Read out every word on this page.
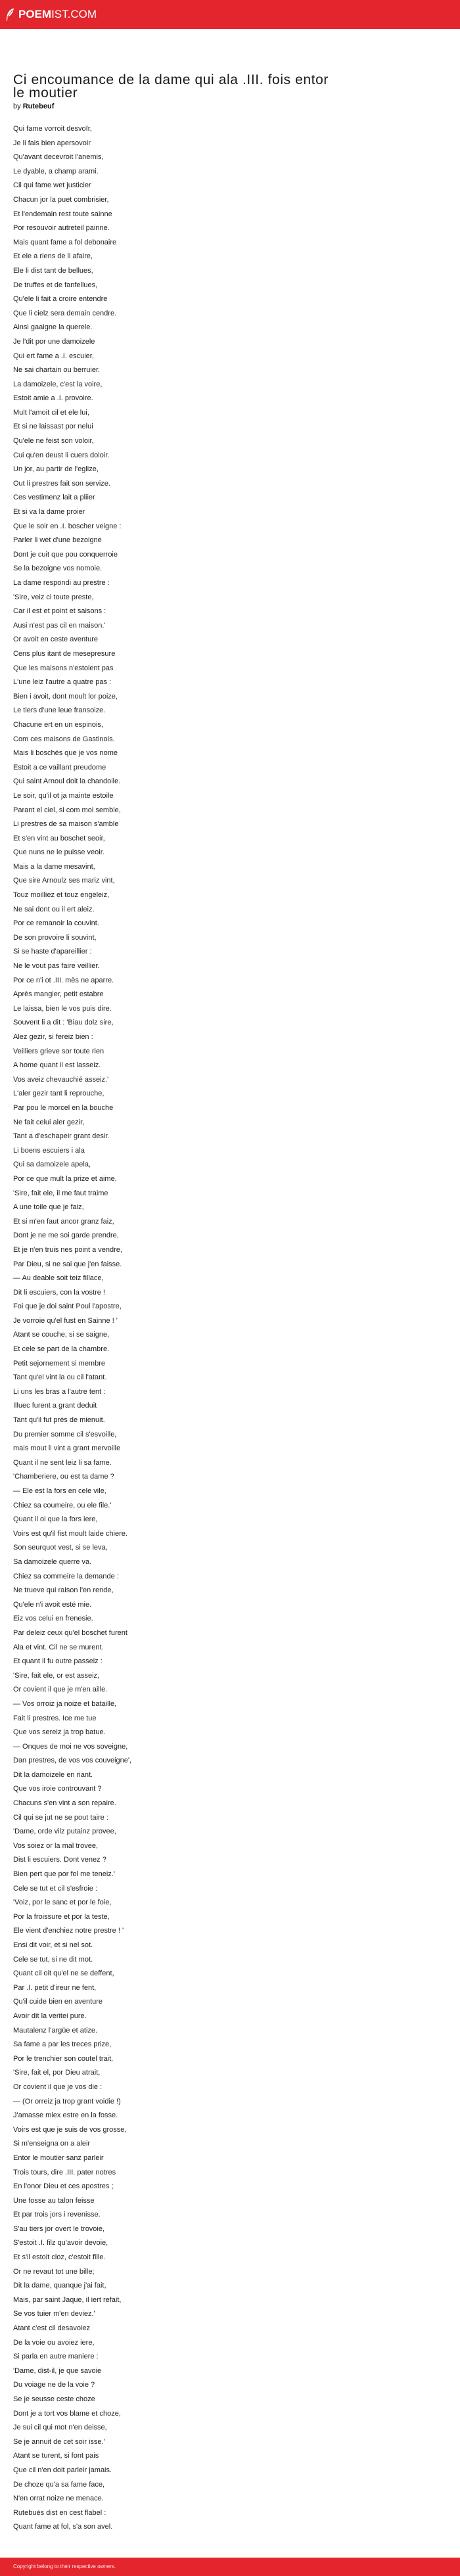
POEMIST.COM
Ci encoumance de la dame qui ala .III. fois entor le moutier
by Rutebeuf
Qui fame vorroit desvoïr,
Je li fais bien apersovoir
Qu'avant decevroit l'anemis,
Le dyable, a champ arami.
Cil qui fame wet justicier
Chacun jor la puet combrisier,
Et l'endemain rest toute sainne
Por resouvoir autreteil painne.
Mais quant fame a fol debonaire
Et ele a riens de li afaire,
Ele li dist tant de bellues,
De truffes et de fanfellues,
Qu'ele li fait a croire entendre
Que li cielz sera demain cendre.
Ainsi gaaigne la querele.
Je l'dit por une damoizele
Qui ert fame a .I. escuier,
Ne sai chartain ou berruier.
La damoizele, c'est la voire,
Estoit amie a .I. provoire.
Mult l'amoit cil et ele lui,
Et si ne laissast por nelui
Qu'ele ne feist son voloir,
Cui qu'en deust li cuers doloir.
Un jor, au partir de l'eglize,
Out li prestres fait son servize.
Ces vestimenz lait a pliier
Et si va la dame proier
Que le soir en .I. boscher veigne :
Parler li wet d'une bezoigne
Dont je cuit que pou conquerroie
Se la bezoigne vos nomoie.
La dame respondi au prestre :
'Sire, veiz ci toute preste,
Car il est et point et saisons :
Ausi n'est pas cil en maison.'
Or avoit en ceste aventure
Cens plus itant de mesepresure
Que les maisons n'estoient pas
L'une leiz l'autre a quatre pas :
Bien i avoit, dont moult lor poize,
Le tiers d'une leue fransoize.
Chacune ert en un espinois,
Com ces maisons de Gastinois.
Mais li boschés que je vos nome
Estoit a ce vaillant preudome
Qui saint Arnoul doit la chandoile.
Le soir, qu'il ot ja mainte estoile
Parant el ciel, si com moi semble,
Li prestres de sa maison s'amble
Et s'en vint au boschet seoir,
Que nuns ne le puisse veoir.
Mais a la dame mesavint,
Que sire Arnoulz ses mariz vint,
Touz moilliez et touz engeleiz,
Ne sai dont ou il ert aleiz.
Por ce remanoir la couvint.
De son provoire li souvint,
Si se haste d'apareillier :
Ne le vout pas faire veillier.
Por ce n'i ot .III. mès ne aparre.
Après mangier, petit estabre
Le laissa, bien le vos puis dire.
Souvent li a dit : 'Biau dolz sire,
Alez gezir, si fereiz bien :
Veilliers grieve sor toute rien
A home quant il est lasseiz.
Vos aveiz chevauchié asseiz.'
L'aler gezir tant li reprouche,
Par pou le morcel en la bouche
Ne fait celui aler gezir,
Tant a d'eschapeir grant desir.
Li boens escuiers i ala
Qui sa damoizele apela,
Por ce que mult la prize et aime.
'Sire, fait ele, il me faut traime
A une toile que je faiz,
Et si m'en faut ancor granz faiz,
Dont je ne me soi garde prendre,
Et je n'en truis nes point a vendre,
Par Dieu, si ne sai que j'en faisse.
— Au deable soit teiz fillace,
Dit li escuiers, con la vostre !
Foi que je doi saint Poul l'apostre,
Je vorroie qu'el fust en Sainne ! '
Atant se couche, si se saigne,
Et cele se part de la chambre.
Petit sejornement si membre
Tant qu'el vint la ou cil l'atant.
Li uns les bras a l'autre tent :
Illuec furent a grant deduit
Tant qu'il fut prés de mienuit.
Du premier somme cil s'esvoille,
mais mout li vint a grant mervoille
Quant il ne sent leiz li sa fame.
'Chamberiere, ou est ta dame ?
— Ele est la fors en cele vile,
Chiez sa coumeire, ou ele file.'
Quant il oi que la fors iere,
Voirs est qu'il fist moult laide chiere.
Son seurquot vest, si se leva,
Sa damoizele querre va.
Chiez sa commeire la demande :
Ne trueve qui raison l'en rende,
Qu'ele n'i avoit esté mie.
Eiz vos celui en frenesie.
Par deleiz ceux qu'el boschet furent
Ala et vint. Cil ne se murent.
Et quant il fu outre passeiz :
'Sire, fait ele, or est asseiz,
Or covient il que je m'en aille.
— Vos orroiz ja noize et bataille,
Fait li prestres. Ice me tue
Que vos sereiz ja trop batue.
— Onques de moi ne vos soveigne,
Dan prestres, de vos vos couveigne',
Dit la damoizele en riant.
Que vos iroie controuvant ?
Chacuns s'en vint a son repaire.
Cil qui se jut ne se pout taire :
'Dame, orde vilz putainz provee,
Vos soiez or la mal trovee,
Dist li escuiers. Dont venez ?
Bien pert que por fol me teneiz.'
Cele se tut et cil s'esfroie :
'Voiz, por le sanc et por le foie,
Por la froissure et por la teste,
Ele vient d'enchiez notre prestre ! '
Ensi dit voir, et si nel sot.
Cele se tut, si ne dit mot.
Quant cil oit qu'el ne se deffent,
Par .I. petit d'ireur ne fent,
Qu'il cuide bien en aventure
Avoir dit la veritei pure.
Mautalenz l'argüe et atize.
Sa fame a par les treces prize,
Por le trenchier son coutel trait.
'Sire, fait el, por Dieu atrait,
Or covient il que je vos die :
— (Or orreiz ja trop grant voidie !)
J'amasse miex estre en la fosse.
Voirs est que je suis de vos grosse,
Si m'enseigna on a aleir
Entor le moutier sanz parleir
Trois tours, dire .III. pater notres
En l'onor Dieu et ces apostres ;
Une fosse au talon feisse
Et par trois jors i revenisse.
S'au tiers jor overt le trovoie,
S'estoit .I. filz qu'avoir devoie,
Et s'il estoit cloz, c'estoit fille.
Or ne revaut tot une bille;
Dit la dame, quanque j'ai fait,
Mais, par saint Jaque, il iert refait,
Se vos tuier m'en deviez.'
Atant c'est cil desavoiez
De la voie ou avoiez iere,
Si parla en autre maniere :
'Dame, dist-il, je que savoie
Du voiage ne de la voie ?
Se je seusse ceste choze
Dont je a tort vos blame et choze,
Je sui cil qui mot n'en deisse,
Se je annuit de cet soir isse.'
Atant se turent, si font pais
Que cil n'en doit parleir jamais.
De choze qu'a sa fame face,
N'en orrat noize ne menace.
Rutebués dist en cest flabel :
Quant fame at fol, s'a son avel.
Copyright belong to their respective owners.
